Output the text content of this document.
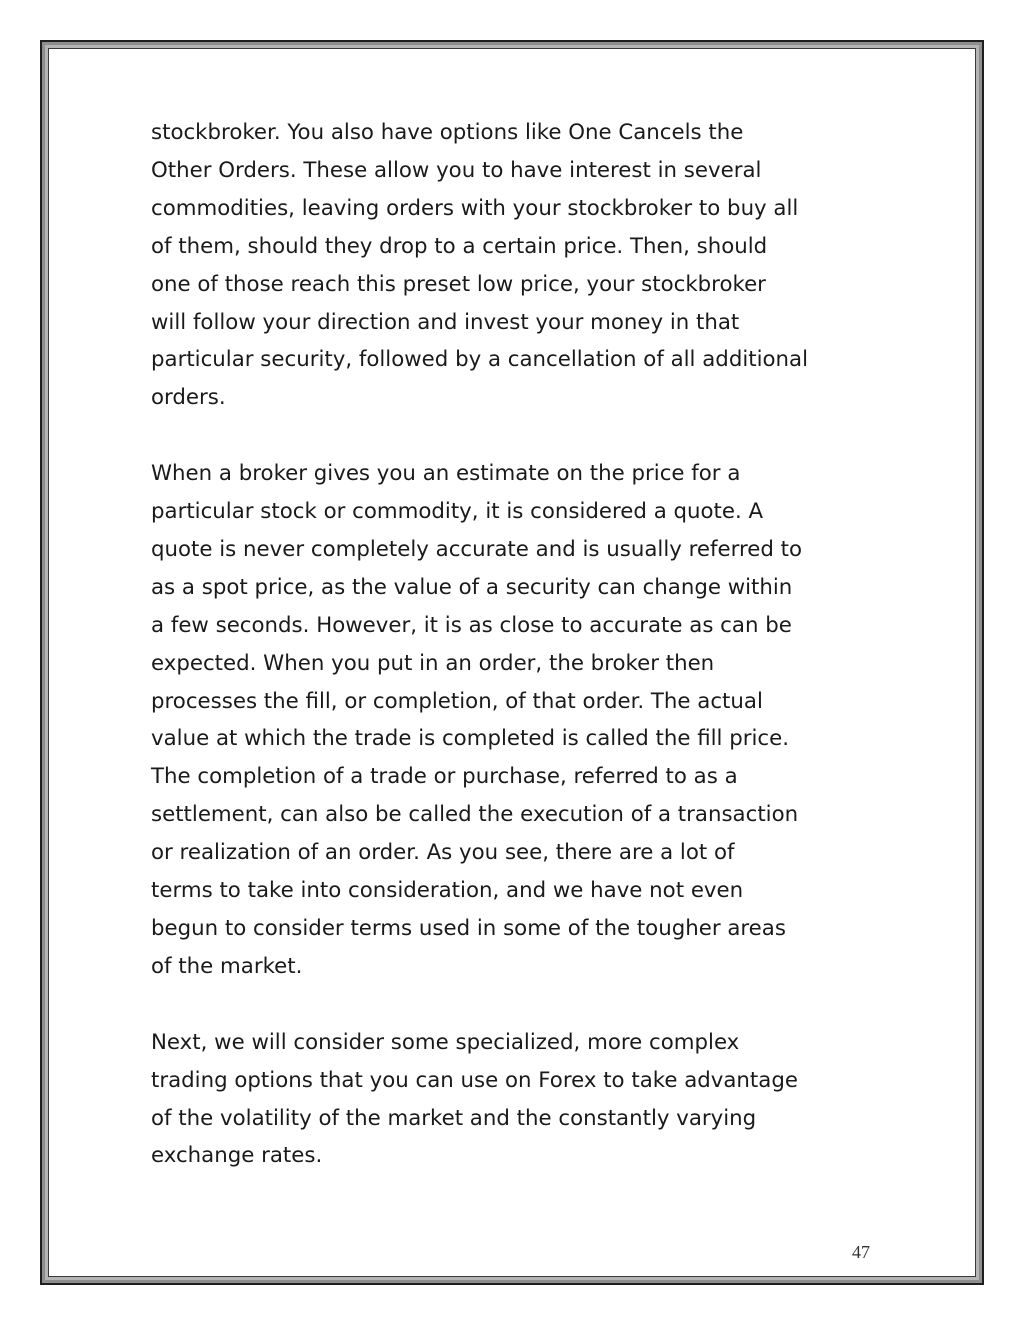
stockbroker. You also have options like One Cancels the
Other Orders. These allow you to have interest in several
commodities, leaving orders with your stockbroker to buy all
of them, should they drop to a certain price. Then, should
one of those reach this preset low price, your stockbroker
will follow your direction and invest your money in that
particular security, followed by a cancellation of all additional
orders.

When a broker gives you an estimate on the price for a
particular stock or commodity, it is considered a quote. A
quote is never completely accurate and is usually referred to
as a spot price, as the value of a security can change within
a few seconds. However, it is as close to accurate as can be
expected. When you put in an order, the broker then
processes the fill, or completion, of that order. The actual
value at which the trade is completed is called the fill price.
The completion of a trade or purchase, referred to as a
settlement, can also be called the execution of a transaction
or realization of an order. As you see, there are a lot of
terms to take into consideration, and we have not even
begun to consider terms used in some of the tougher areas
of the market.

Next, we will consider some specialized, more complex
trading options that you can use on Forex to take advantage
of the volatility of the market and the constantly varying
exchange rates.

47
